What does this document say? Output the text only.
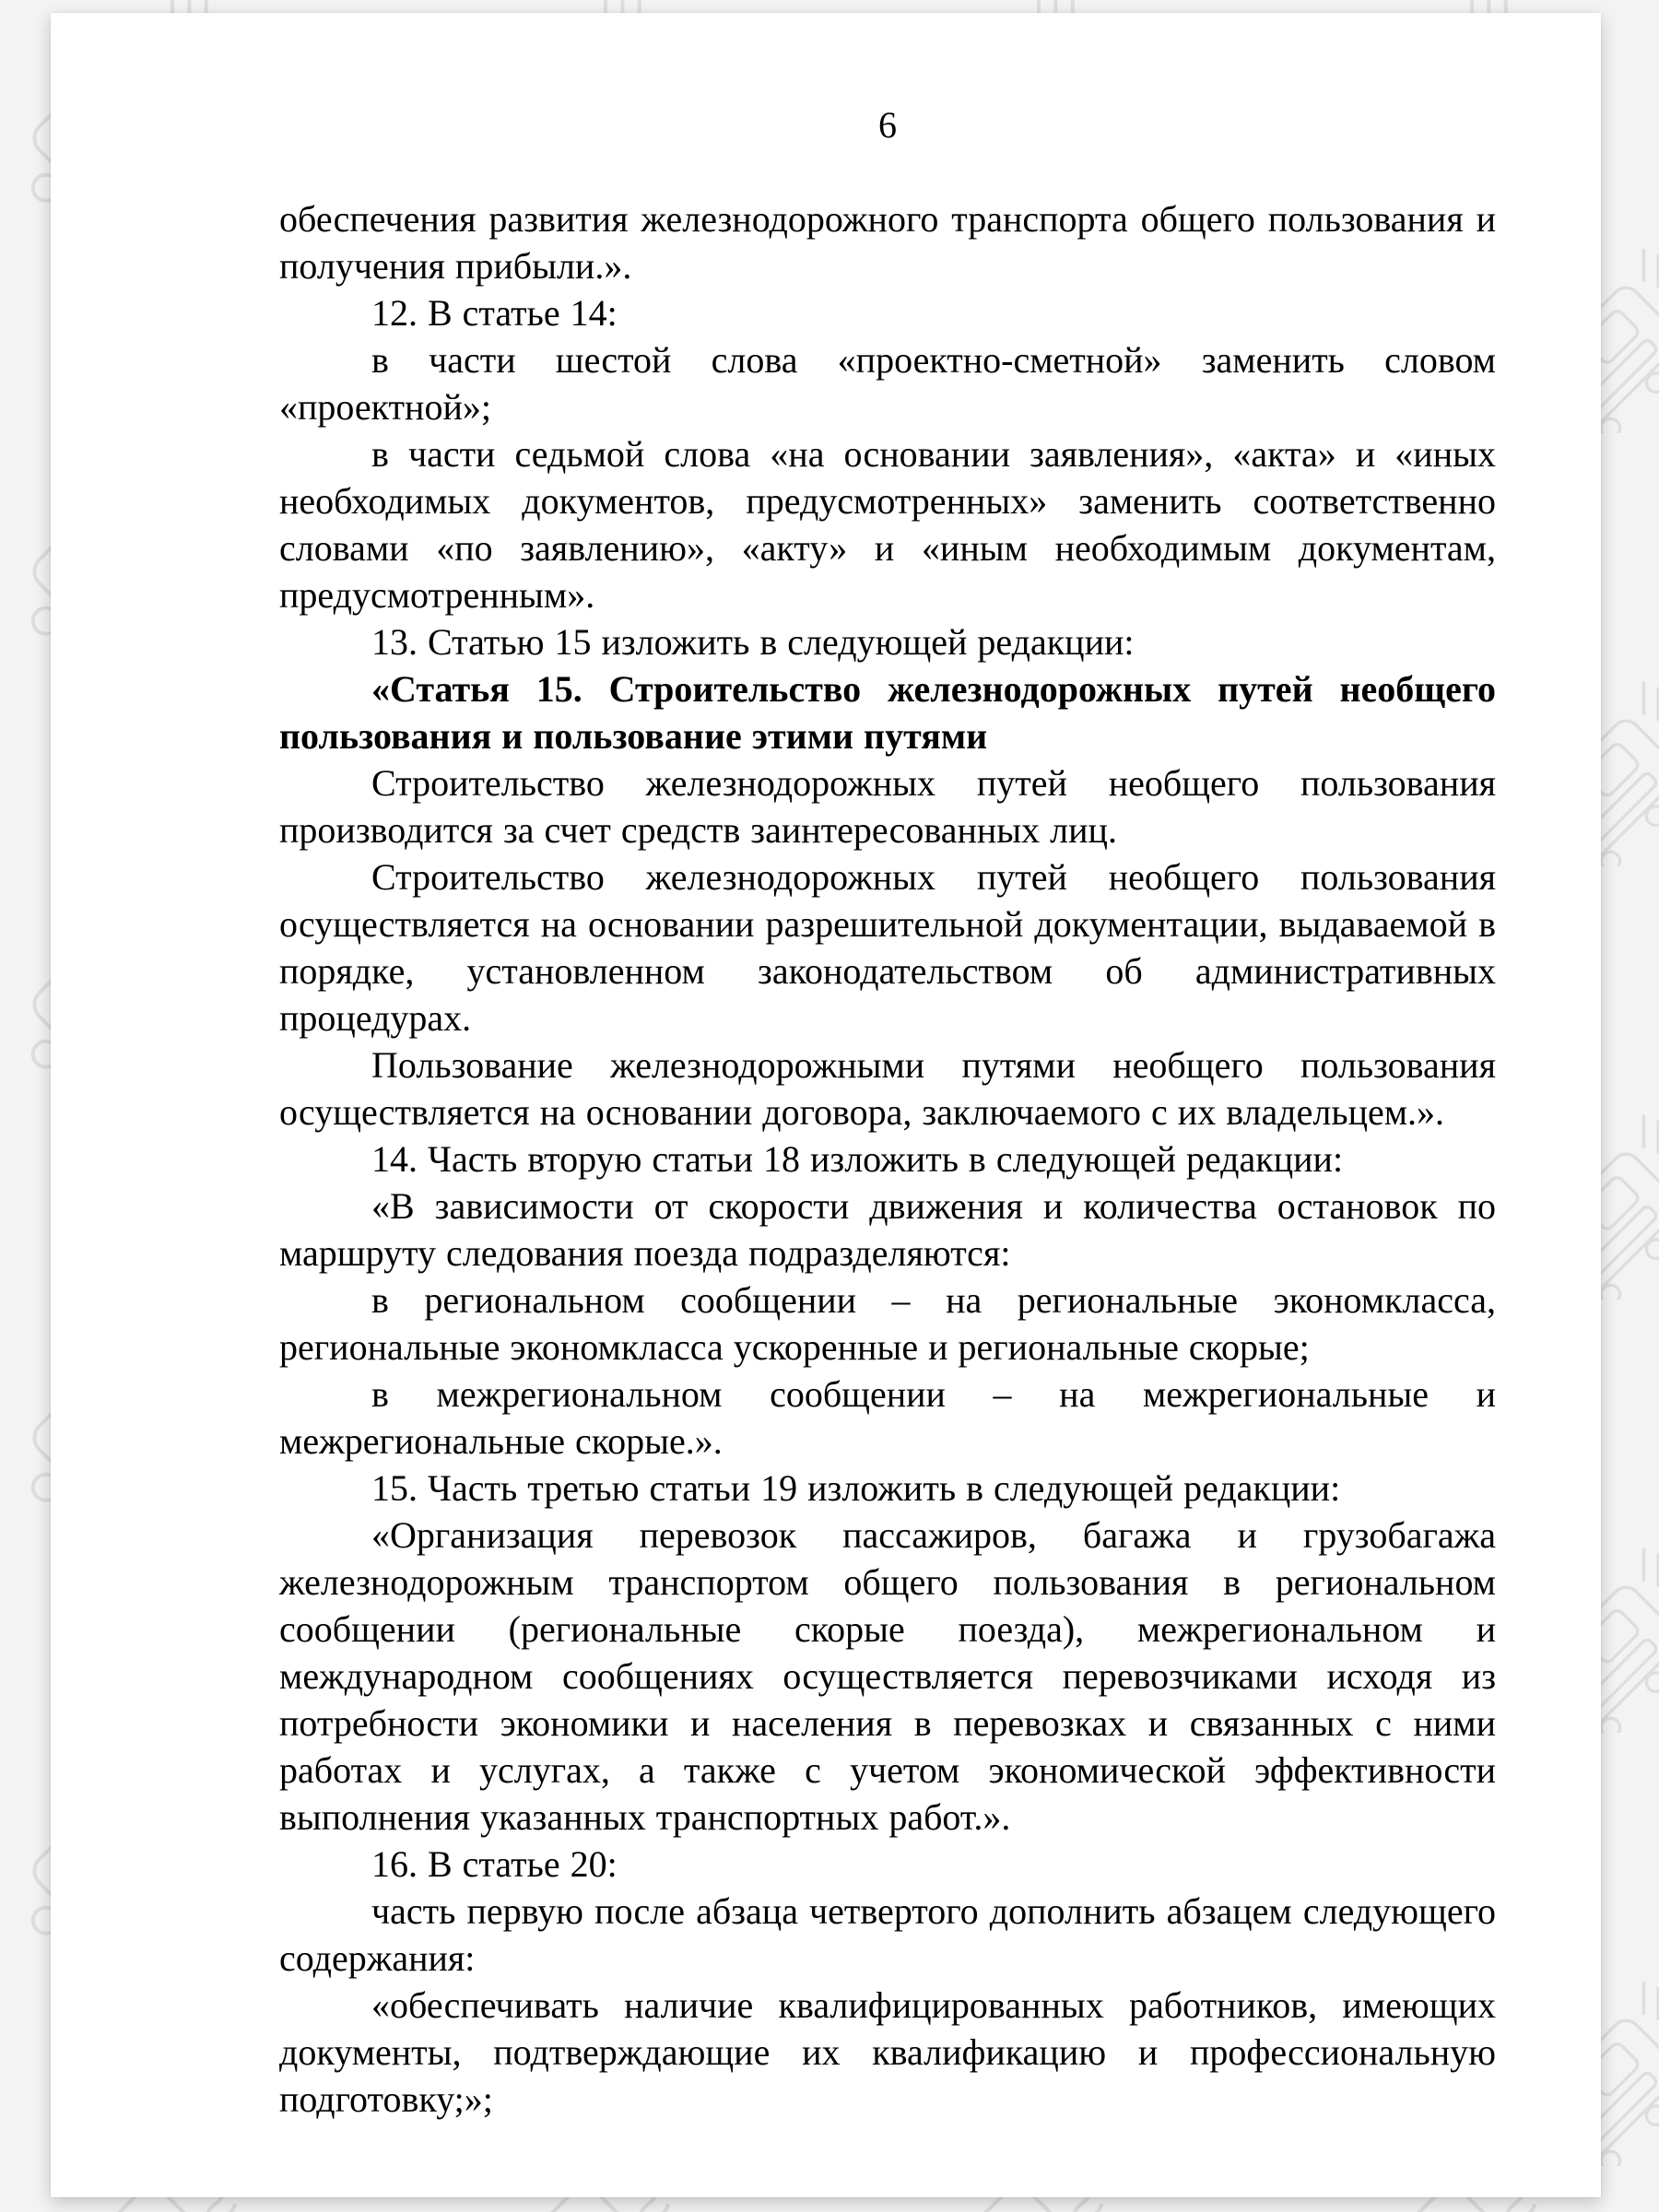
6

обеспечения развития железнодорожного транспорта общего пользования и получения прибыли.».

12. В статье 14:

в части шестой слова «проектно-сметной» заменить словом «проектной»;

в части седьмой слова «на основании заявления», «акта» и «иных необходимых документов, предусмотренных» заменить соответственно словами «по заявлению», «акту» и «иным необходимым документам, предусмотренным».

13. Статью 15 изложить в следующей редакции:

«Статья 15. Строительство железнодорожных путей необщего пользования и пользование этими путями

Строительство железнодорожных путей необщего пользования производится за счет средств заинтересованных лиц.

Строительство железнодорожных путей необщего пользования осуществляется на основании разрешительной документации, выдаваемой в порядке, установленном законодательством об административных процедурах.

Пользование железнодорожными путями необщего пользования осуществляется на основании договора, заключаемого с их владельцем.».

14. Часть вторую статьи 18 изложить в следующей редакции:

«В зависимости от скорости движения и количества остановок по маршруту следования поезда подразделяются:

в региональном сообщении – на региональные экономкласса, региональные экономкласса ускоренные и региональные скорые;

в межрегиональном сообщении – на межрегиональные и межрегиональные скорые.».

15. Часть третью статьи 19 изложить в следующей редакции:

«Организация перевозок пассажиров, багажа и грузобагажа железнодорожным транспортом общего пользования в региональном сообщении (региональные скорые поезда), межрегиональном и международном сообщениях осуществляется перевозчиками исходя из потребности экономики и населения в перевозках и связанных с ними работах и услугах, а также с учетом экономической эффективности выполнения указанных транспортных работ.».

16. В статье 20:

часть первую после абзаца четвертого дополнить абзацем следующего содержания:

«обеспечивать наличие квалифицированных работников, имеющих документы, подтверждающие их квалификацию и профессиональную подготовку;»;
